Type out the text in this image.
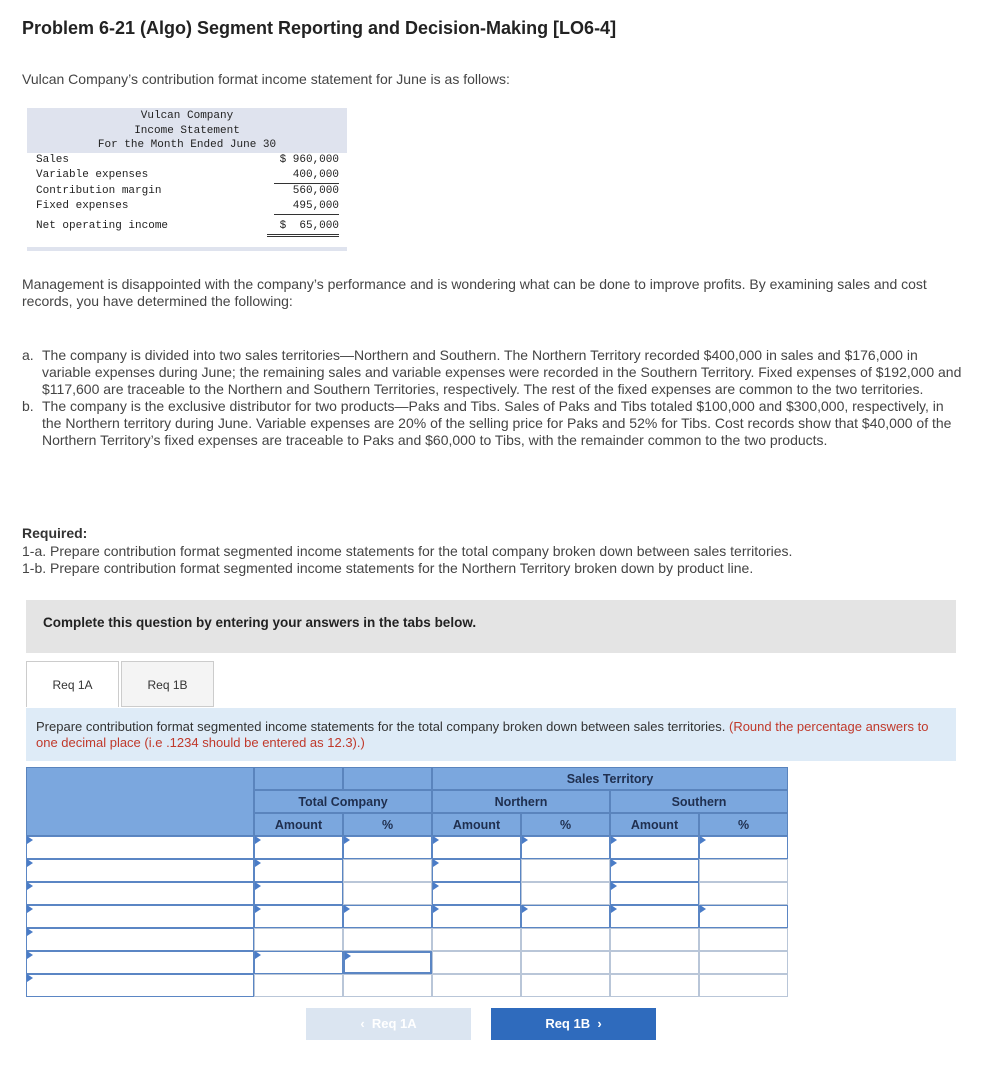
Problem 6-21 (Algo) Segment Reporting and Decision-Making [LO6-4]
Vulcan Company’s contribution format income statement for June is as follows:
Vulcan Company
Income Statement
For the Month Ended June 30
Sales	$ 960,000
Variable expenses	400,000
Contribution margin	560,000
Fixed expenses	495,000
Net operating income	$  65,000
Management is disappointed with the company’s performance and is wondering what can be done to improve profits. By examining sales and cost records, you have determined the following:
a. The company is divided into two sales territories—Northern and Southern. The Northern Territory recorded $400,000 in sales and $176,000 in variable expenses during June; the remaining sales and variable expenses were recorded in the Southern Territory. Fixed expenses of $192,000 and $117,600 are traceable to the Northern and Southern Territories, respectively. The rest of the fixed expenses are common to the two territories.
b. The company is the exclusive distributor for two products—Paks and Tibs. Sales of Paks and Tibs totaled $100,000 and $300,000, respectively, in the Northern territory during June. Variable expenses are 20% of the selling price for Paks and 52% for Tibs. Cost records show that $40,000 of the Northern Territory’s fixed expenses are traceable to Paks and $60,000 to Tibs, with the remainder common to the two products.
Required:
1-a. Prepare contribution format segmented income statements for the total company broken down between sales territories.
1-b. Prepare contribution format segmented income statements for the Northern Territory broken down by product line.
Complete this question by entering your answers in the tabs below.
Req 1A	Req 1B
Prepare contribution format segmented income statements for the total company broken down between sales territories. (Round the percentage answers to one decimal place (i.e .1234 should be entered as 12.3).)
Sales Territory
Total Company	Northern	Southern
Amount	%	Amount	%	Amount	%
‹  Req 1A	Req 1B  ›
